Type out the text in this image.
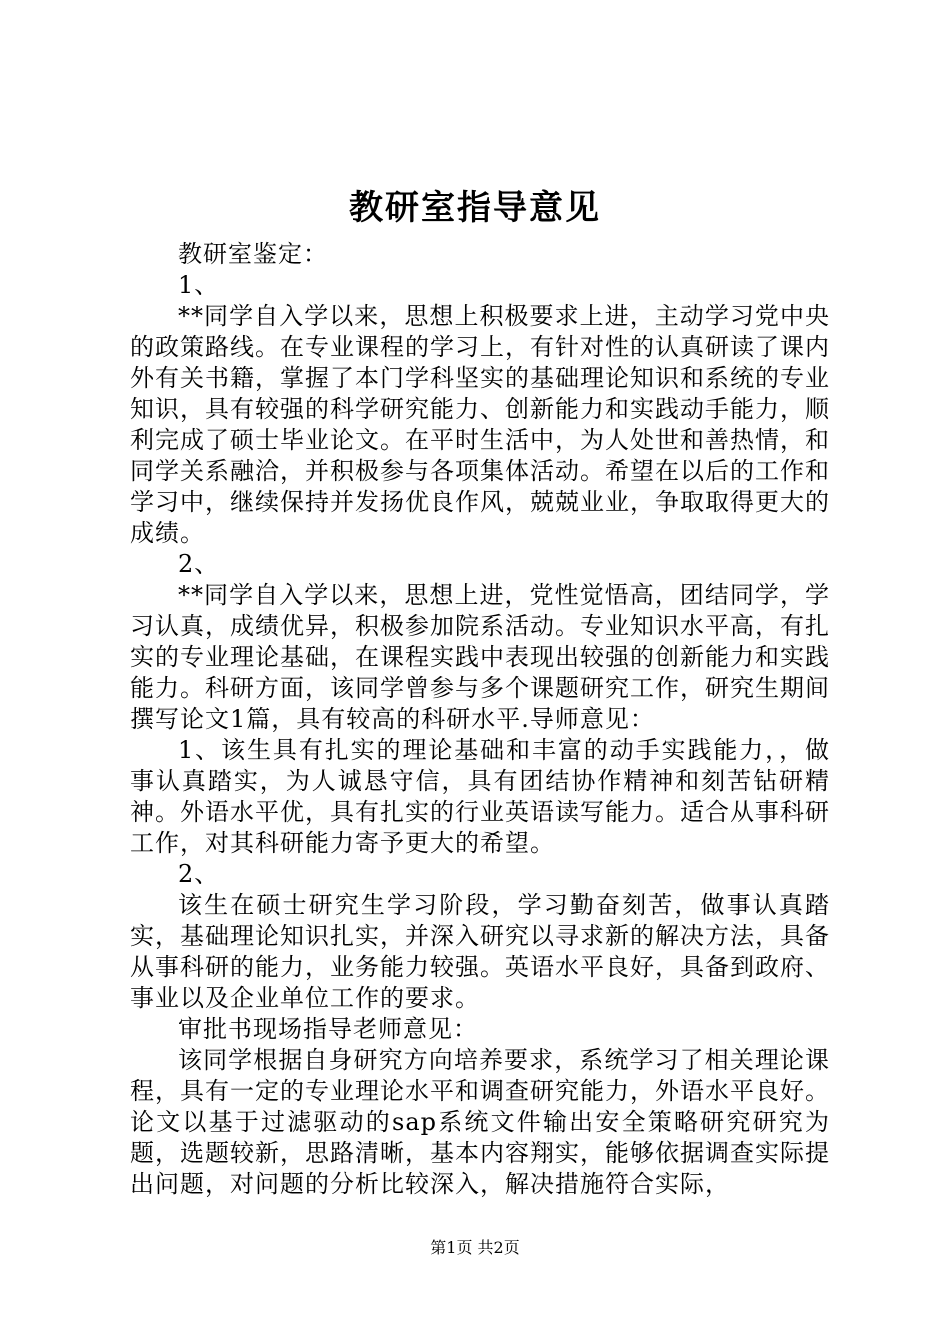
教研室指导意见

教研室鉴定：

1、

**同学自入学以来，思想上积极要求上进，主动学习党中央的政策路线。在专业课程的学习上，有针对性的认真研读了课内外有关书籍，掌握了本门学科坚实的基础理论知识和系统的专业知识，具有较强的科学研究能力、创新能力和实践动手能力，顺利完成了硕士毕业论文。在平时生活中，为人处世和善热情，和同学关系融洽，并积极参与各项集体活动。希望在以后的工作和学习中，继续保持并发扬优良作风，兢兢业业，争取取得更大的成绩。

2、

**同学自入学以来，思想上进，党性觉悟高，团结同学，学习认真，成绩优异，积极参加院系活动。专业知识水平高，有扎实的专业理论基础，在课程实践中表现出较强的创新能力和实践能力。科研方面，该同学曾参与多个课题研究工作，研究生期间撰写论文1篇，具有较高的科研水平.导师意见：

1、该生具有扎实的理论基础和丰富的动手实践能力，，做事认真踏实，为人诚恳守信，具有团结协作精神和刻苦钻研精神。外语水平优，具有扎实的行业英语读写能力。适合从事科研工作，对其科研能力寄予更大的希望。

2、

该生在硕士研究生学习阶段，学习勤奋刻苦，做事认真踏实，基础理论知识扎实，并深入研究以寻求新的解决方法，具备从事科研的能力，业务能力较强。英语水平良好，具备到政府、事业以及企业单位工作的要求。

审批书现场指导老师意见：

该同学根据自身研究方向培养要求，系统学习了相关理论课程，具有一定的专业理论水平和调查研究能力，外语水平良好。论文以基于过滤驱动的sap系统文件输出安全策略研究研究为题，选题较新，思路清晰，基本内容翔实，能够依据调查实际提出问题，对问题的分析比较深入，解决措施符合实际，

第1页 共2页
